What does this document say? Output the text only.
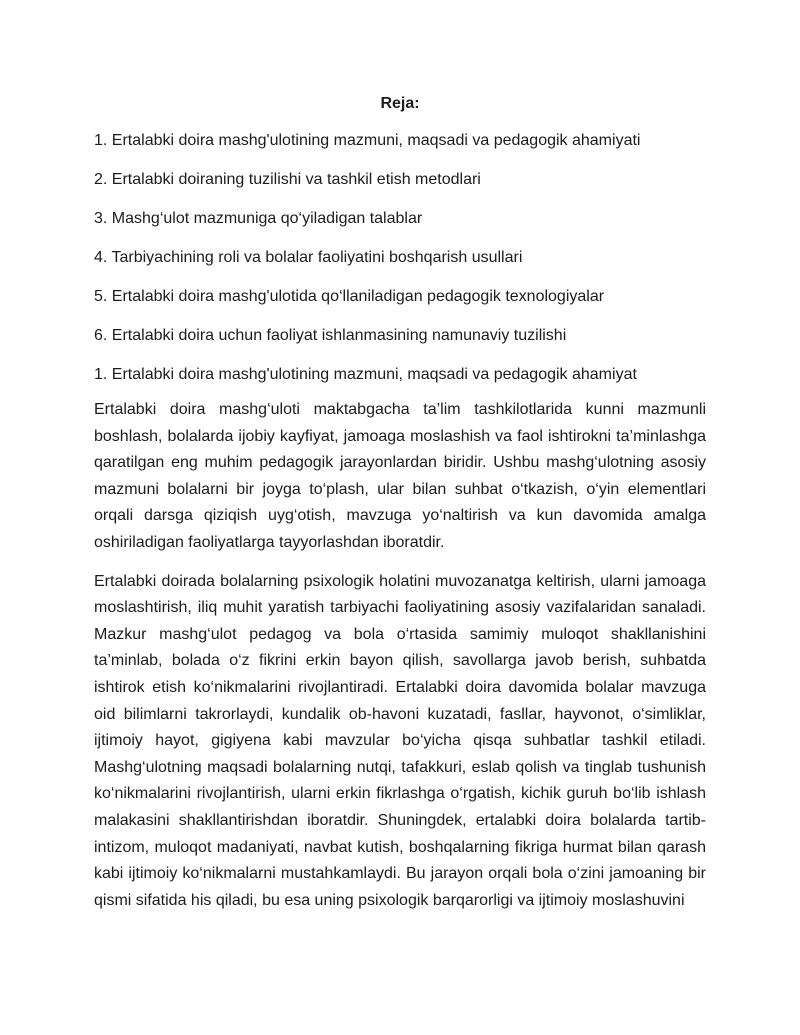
Reja:
1. Ertalabki doira mashg'ulotining mazmuni, maqsadi va pedagogik ahamiyati
2. Ertalabki doiraning tuzilishi va tashkil etish metodlari
3. Mashg‘ulot mazmuniga qo‘yiladigan talablar
4. Tarbiyachining roli va bolalar faoliyatini boshqarish usullari
5. Ertalabki doira mashg'ulotida qo‘llaniladigan pedagogik texnologiyalar
6. Ertalabki doira uchun faoliyat ishlanmasining namunaviy tuzilishi
1. Ertalabki doira mashg'ulotining mazmuni, maqsadi va pedagogik ahamiyat

Ertalabki doira mashg‘uloti maktabgacha ta’lim tashkilotlarida kunni mazmunli boshlash, bolalarda ijobiy kayfiyat, jamoaga moslashish va faol ishtirokni ta’minlashga qaratilgan eng muhim pedagogik jarayonlardan biridir. Ushbu mashg‘ulotning asosiy mazmuni bolalarni bir joyga to‘plash, ular bilan suhbat o‘tkazish, o‘yin elementlari orqali darsga qiziqish uyg‘otish, mavzuga yo‘naltirish va kun davomida amalga oshiriladigan faoliyatlarga tayyorlashdan iboratdir.

Ertalabki doirada bolalarning psixologik holatini muvozanatga keltirish, ularni jamoaga moslashtirish, iliq muhit yaratish tarbiyachi faoliyatining asosiy vazifalaridan sanaladi. Mazkur mashg‘ulot pedagog va bola o‘rtasida samimiy muloqot shakllanishini ta’minlab, bolada o‘z fikrini erkin bayon qilish, savollarga javob berish, suhbatda ishtirok etish ko‘nikmalarini rivojlantiradi. Ertalabki doira davomida bolalar mavzuga oid bilimlarni takrorlaydi, kundalik ob-havoni kuzatadi, fasllar, hayvonot, o‘simliklar, ijtimoiy hayot, gigiyena kabi mavzular bo‘yicha qisqa suhbatlar tashkil etiladi. Mashg‘ulotning maqsadi bolalarning nutqi, tafakkuri, eslab qolish va tinglab tushunish ko‘nikmalarini rivojlantirish, ularni erkin fikrlashga o‘rgatish, kichik guruh bo‘lib ishlash malakasini shakllantirishdan iboratdir. Shuningdek, ertalabki doira bolalarda tartib-intizom, muloqot madaniyati, navbat kutish, boshqalarning fikriga hurmat bilan qarash kabi ijtimoiy ko‘nikmalarni mustahkamlaydi. Bu jarayon orqali bola o‘zini jamoaning bir qismi sifatida his qiladi, bu esa uning psixologik barqarorligi va ijtimoiy moslashuvini
